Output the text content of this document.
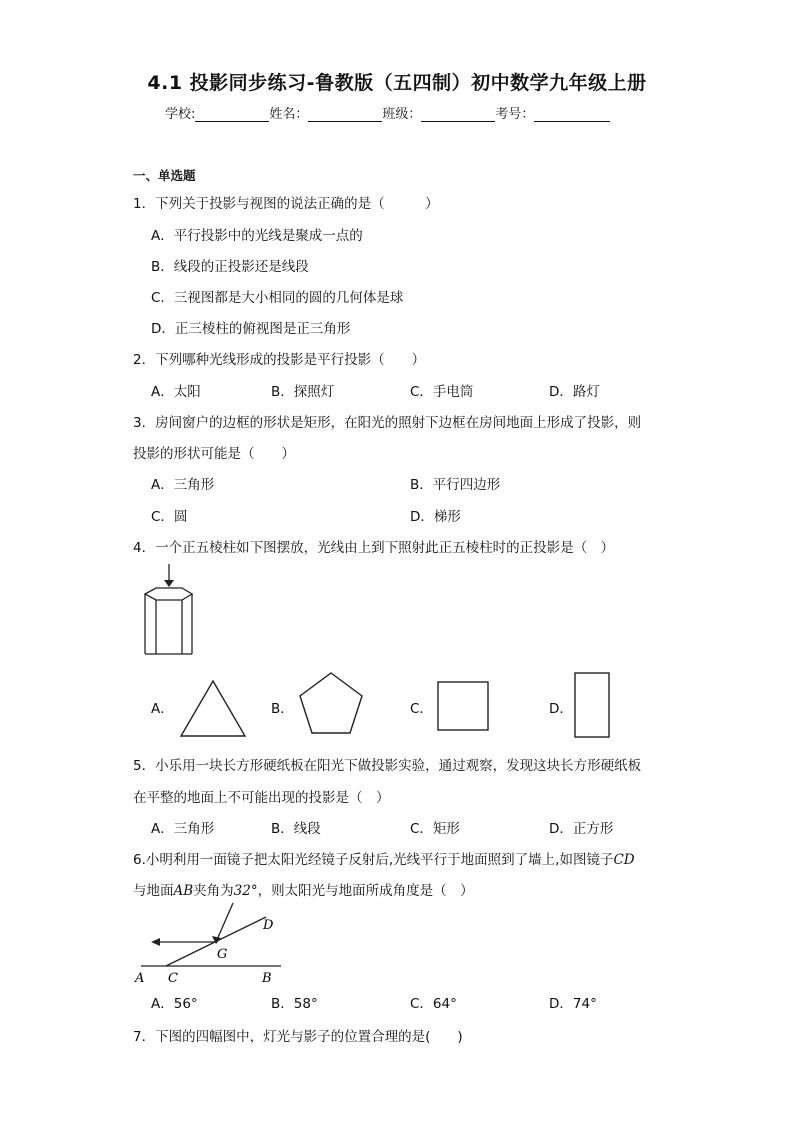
4.1 投影同步练习-鲁教版（五四制）初中数学九年级上册
学校:	姓名：	班级：	考号：
一、单选题
1．下列关于投影与视图的说法正确的是（　　　）
A．平行投影中的光线是聚成一点的
B．线段的正投影还是线段
C．三视图都是大小相同的圆的几何体是球
D．正三棱柱的俯视图是正三角形
2．下列哪种光线形成的投影是平行投影（　　）
A．太阳	B．探照灯	C．手电筒	D．路灯
3．房间窗户的边框的形状是矩形，在阳光的照射下边框在房间地面上形成了投影，则
投影的形状可能是（　　）
A．三角形	B．平行四边形
C．圆	D．梯形
4．一个正五棱柱如下图摆放，光线由上到下照射此正五棱柱时的正投影是（　）
A．	B．	C．	D．
5．小乐用一块长方形硬纸板在阳光下做投影实验，通过观察，发现这块长方形硬纸板
在平整的地面上不可能出现的投影是（　）
A．三角形	B．线段	C．矩形	D．正方形
6.小明利用一面镜子把太阳光经镜子反射后,光线平行于地面照到了墙上,如图镜子CD
与地面AB夹角为32°，则太阳光与地面所成角度是（　）
A C	B
D
G
A．56°	B．58°	C．64°	D．74°
7．下图的四幅图中，灯光与影子的位置合理的是(　　)
